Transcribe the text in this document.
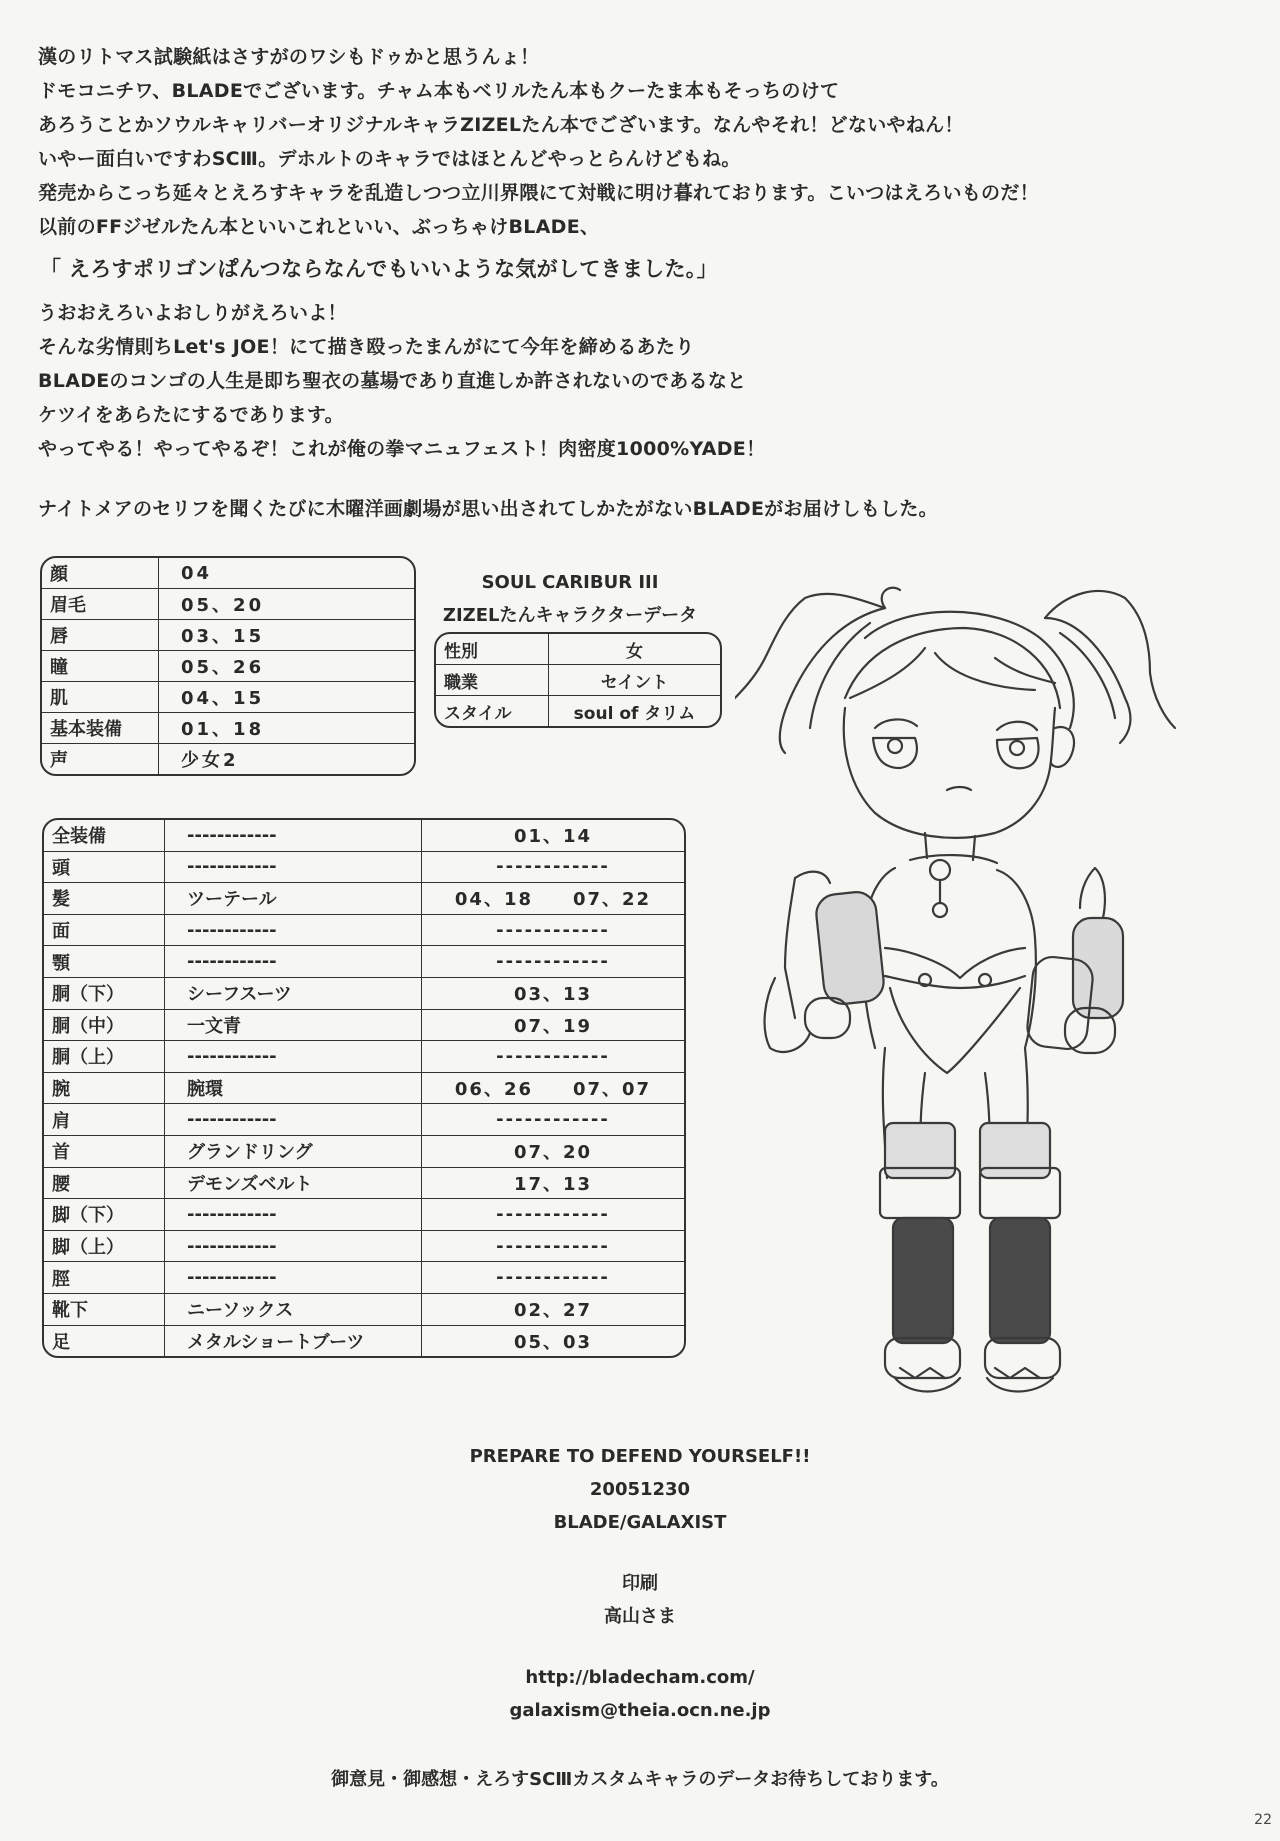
漢のリトマス試験紙はさすがのワシもドゥかと思うんょ！

ドモコニチワ、BLADEでございます。チャム本もベリルたん本もクーたま本もそっちのけて

あろうことかソウルキャリバーオリジナルキャラZIZELたん本でございます。なんやそれ！どないやねん！

いやー面白いですわSCⅢ。デホルトのキャラではほとんどやっとらんけどもね。

発売からこっち延々とえろすキャラを乱造しつつ立川界隈にて対戦に明け暮れております。こいつはえろいものだ！

以前のFFジゼルたん本といいこれといい、ぶっちゃけBLADE、

「 えろすポリゴンぱんつならなんでもいいような気がしてきました。」

うおおえろいよおしりがえろいよ！

そんな劣情則ちLet's JOE！にて描き殴ったまんがにて今年を締めるあたり

BLADEのコンゴの人生是即ち聖衣の墓場であり直進しか許されないのであるなと

ケツイをあらたにするであります。

やってやる！やってやるぞ！これが俺の拳マニュフェスト！肉密度1000%YADE！

ナイトメアのセリフを聞くたびに木曜洋画劇場が思い出されてしかたがないBLADEがお届けしもした。

顔	04
眉毛	05、20
唇	03、15
瞳	05、26
肌	04、15
基本装備	01、18
声	少女2
SOUL CARIBUR III
ZIZELたんキャラクターデータ
性別	女
職業	セイント
スタイル	soul of タリム
全装備	------------	01、14
頭	------------	------------
髪	ツーテール	04、18　　07、22
面	------------	------------
顎	------------	------------
胴（下）	シーフスーツ	03、13
胴（中）	一文青	07、19
胴（上）	------------	------------
腕	腕環	06、26　　07、07
肩	------------	------------
首	グランドリング	07、20
腰	デモンズベルト	17、13
脚（下）	------------	------------
脚（上）	------------	------------
脛	------------	------------
靴下	ニーソックス	02、27
足	メタルショートブーツ	05、03
PREPARE TO DEFEND YOURSELF!!
20051230
BLADE/GALAXIST
印刷
高山さま
http://bladecham.com/
galaxism@theia.ocn.ne.jp
御意見・御感想・えろすSCⅢカスタムキャラのデータお待ちしております。
22
